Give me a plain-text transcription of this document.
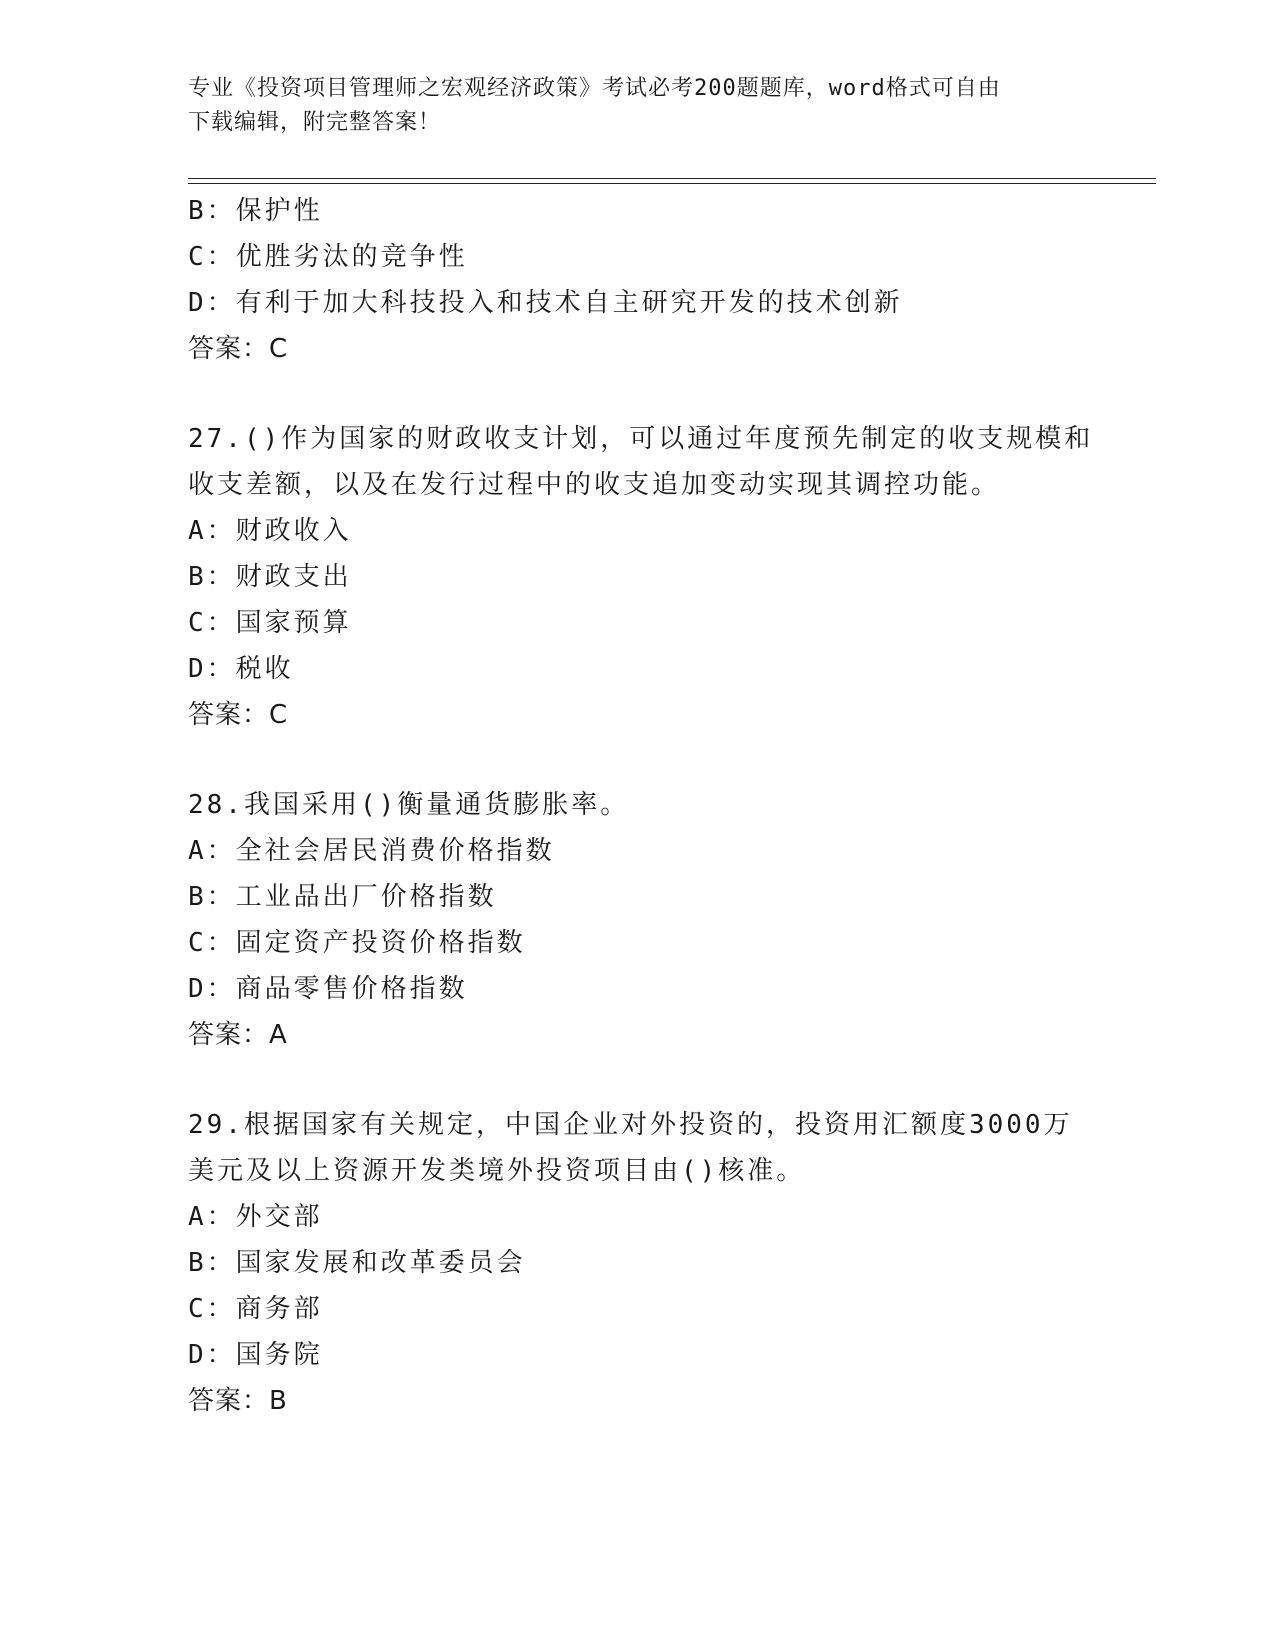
专业《投资项目管理师之宏观经济政策》考试必考200题题库，word格式可自由
下载编辑，附完整答案！
B：保护性
C：优胜劣汰的竞争性
D：有利于加大科技投入和技术自主研究开发的技术创新
答案：C
27.()作为国家的财政收支计划，可以通过年度预先制定的收支规模和
收支差额，以及在发行过程中的收支追加变动实现其调控功能。
A：财政收入
B：财政支出
C：国家预算
D：税收
答案：C
28.我国采用()衡量通货膨胀率。
A：全社会居民消费价格指数
B：工业品出厂价格指数
C：固定资产投资价格指数
D：商品零售价格指数
答案：A
29.根据国家有关规定，中国企业对外投资的，投资用汇额度3000万
美元及以上资源开发类境外投资项目由()核准。
A：外交部
B：国家发展和改革委员会
C：商务部
D：国务院
答案：B
